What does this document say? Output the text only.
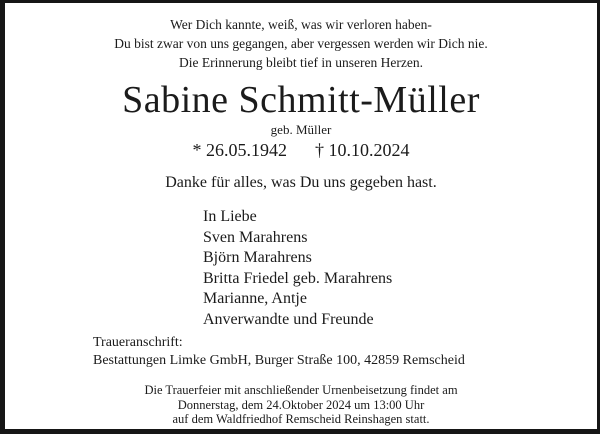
Wer Dich kannte, weiß, was wir verloren haben-
Du bist zwar von uns gegangen, aber vergessen werden wir Dich nie.
Die Erinnerung bleibt tief in unseren Herzen.
Sabine Schmitt-Müller
geb. Müller
* 26.05.1942 † 10.10.2024
Danke für alles, was Du uns gegeben hast.
In Liebe
Sven Marahrens
Björn Marahrens
Britta Friedel geb. Marahrens
Marianne, Antje
Anverwandte und Freunde
Traueranschrift:
Bestattungen Limke GmbH, Burger Straße 100, 42859 Remscheid
Die Trauerfeier mit anschließender Urnenbeisetzung findet am
Donnerstag, dem 24.Oktober 2024 um 13:00 Uhr
auf dem Waldfriedhof Remscheid Reinshagen statt.
